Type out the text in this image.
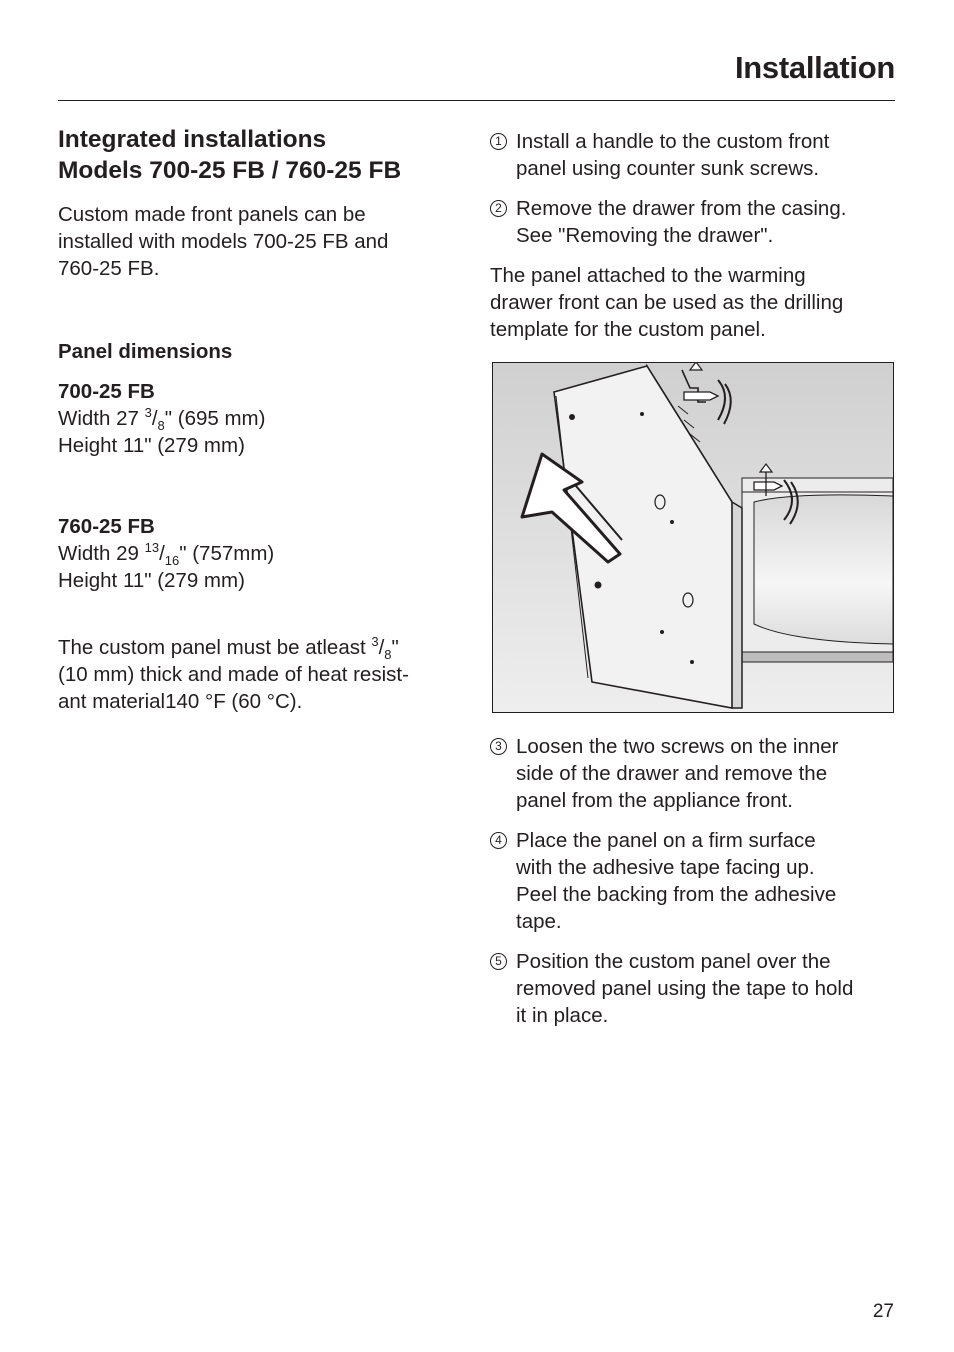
Installation
Integrated installations
Models 700-25 FB / 760-25 FB

Custom made front panels can be
installed with models 700-25 FB and
760-25 FB.

Panel dimensions

700-25 FB
Width 27 $^3/_8$" (695 mm)
Height 11" (279 mm)

760-25 FB
Width 29 $^{13}/_{16}$" (757mm)
Height 11" (279 mm)

The custom panel must be atleast $^3/_8$"
(10 mm) thick and made of heat resist-
ant material140 °F (60 °C).

1 Install a handle to the custom front
panel using counter sunk screws.

2 Remove the drawer from the casing.
See "Removing the drawer".

The panel attached to the warming
drawer front can be used as the drilling
template for the custom panel.

3 Loosen the two screws on the inner
side of the drawer and remove the
panel from the appliance front.

4 Place the panel on a firm surface
with the adhesive tape facing up.
Peel the backing from the adhesive
tape.

5 Position the custom panel over the
removed panel using the tape to hold
it in place.

27
